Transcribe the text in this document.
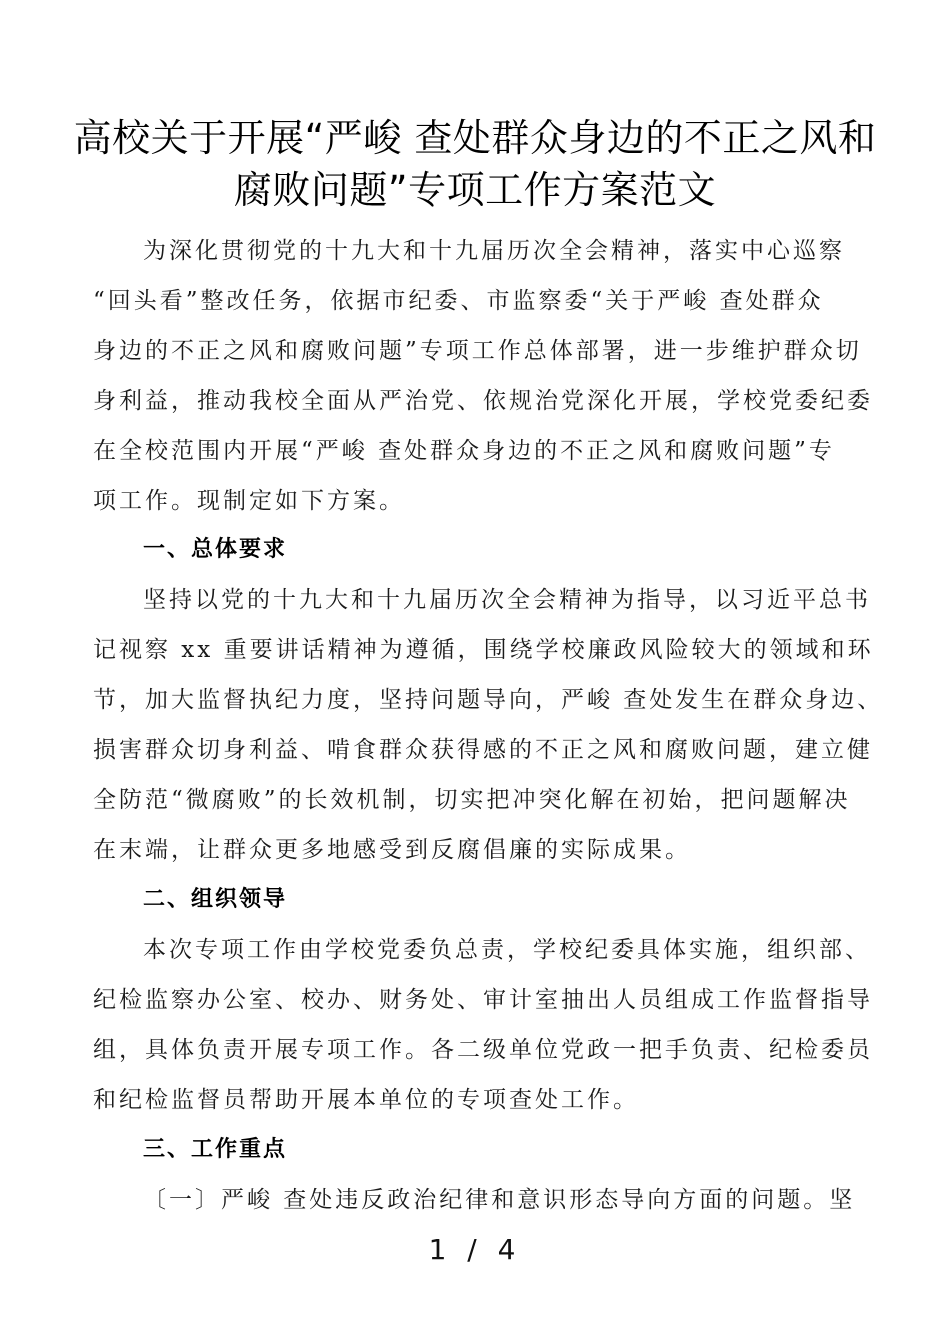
高校关于开展“严峻 查处群众身边的不正之风和
腐败问题”专项工作方案范文
为深化贯彻党的十九大和十九届历次全会精神，落实中心巡察
“回头看”整改任务，依据市纪委、市监察委“关于严峻 查处群众
身边的不正之风和腐败问题”专项工作总体部署，进一步维护群众切
身利益，推动我校全面从严治党、依规治党深化开展，学校党委纪委
在全校范围内开展“严峻 查处群众身边的不正之风和腐败问题”专
项工作。现制定如下方案。
一、总体要求
坚持以党的十九大和十九届历次全会精神为指导，以习近平总书
记视察 xx 重要讲话精神为遵循，围绕学校廉政风险较大的领域和环
节，加大监督执纪力度，坚持问题导向，严峻 查处发生在群众身边、
损害群众切身利益、啃食群众获得感的不正之风和腐败问题，建立健
全防范“微腐败”的长效机制，切实把冲突化解在初始，把问题解决
在末端，让群众更多地感受到反腐倡廉的实际成果。
二、组织领导
本次专项工作由学校党委负总责，学校纪委具体实施，组织部、
纪检监察办公室、校办、财务处、审计室抽出人员组成工作监督指导
组，具体负责开展专项工作。各二级单位党政一把手负责、纪检委员
和纪检监督员帮助开展本单位的专项查处工作。
三、工作重点
〔一〕严峻 查处违反政治纪律和意识形态导向方面的问题。坚
1 / 4
